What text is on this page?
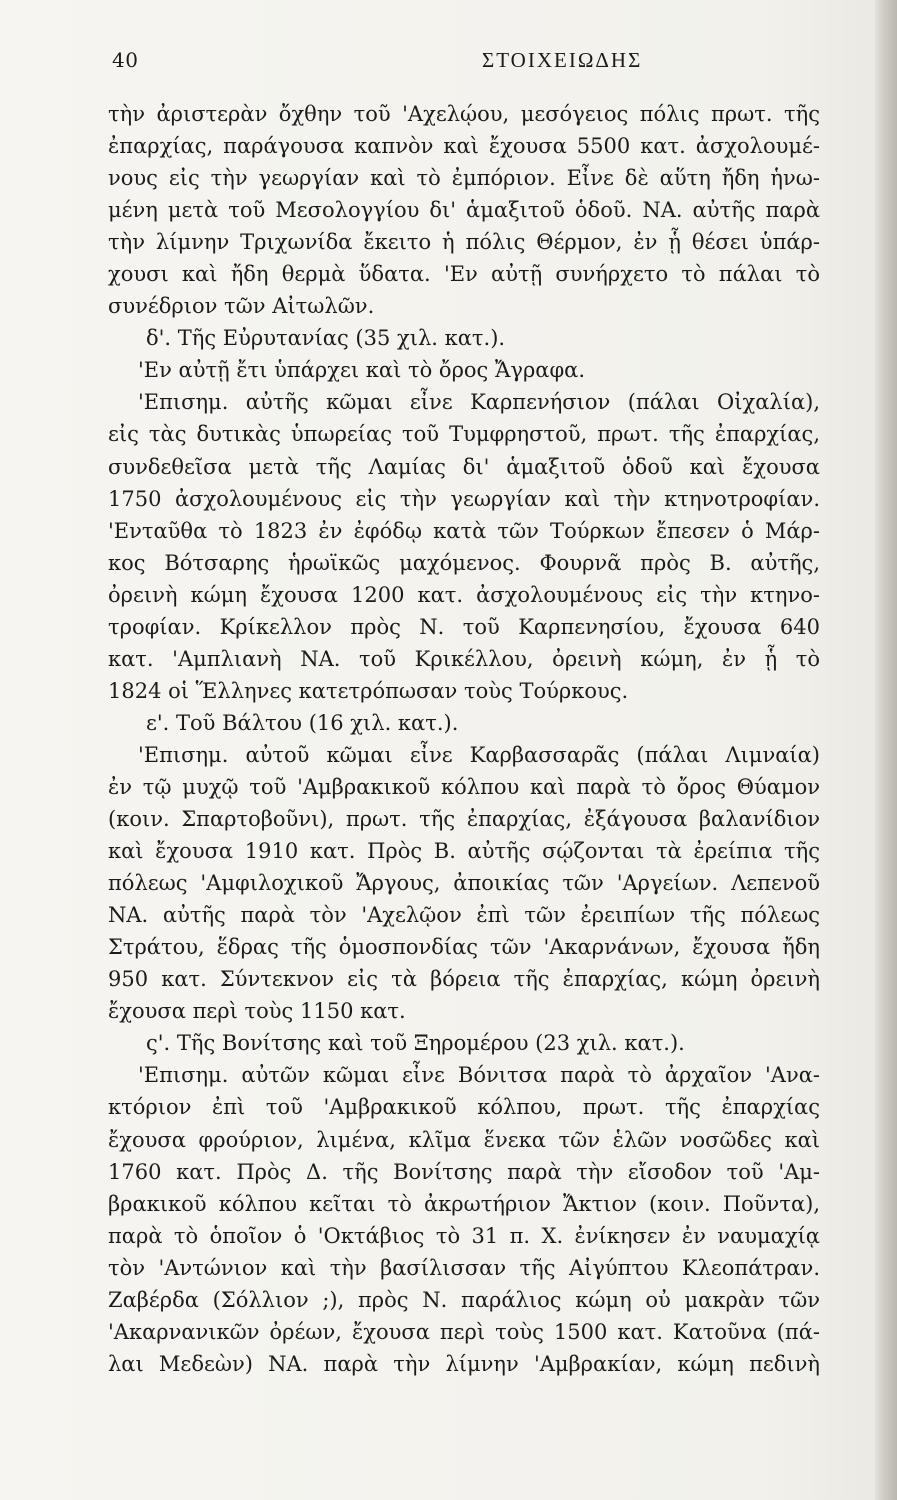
40	ΣΤΟΙΧΕΙΩΔΗΣ
τὴν ἀριστερὰν ὄχθην τοῦ 'Αχελῴου, μεσόγειος πόλις πρωτ. τῆς
ἐπαρχίας, παράγουσα καπνὸν καὶ ἔχουσα 5500 κατ. ἀσχολουμέ-
νους εἰς τὴν γεωργίαν καὶ τὸ ἐμπόριον. Εἶνε δὲ αὕτη ἤδη ἡνω-
μένη μετὰ τοῦ Μεσολογγίου δι' ἁμαξιτοῦ ὁδοῦ. ΝΑ. αὐτῆς παρὰ
τὴν λίμνην Τριχωνίδα ἔκειτο ἡ πόλις Θέρμον, ἐν ᾗ θέσει ὑπάρ-
χουσι καὶ ἤδη θερμὰ ὕδατα. 'Εν αὐτῇ συνήρχετο τὸ πάλαι τὸ
συνέδριον τῶν Αἰτωλῶν.
δ'. Τῆς Εὐρυτανίας (35 χιλ. κατ.).
'Εν αὐτῇ ἔτι ὑπάρχει καὶ τὸ ὄρος Ἄγραφα.
'Επισημ. αὐτῆς κῶμαι εἶνε Καρπενήσιον (πάλαι Οἰχαλία),
εἰς τὰς δυτικὰς ὑπωρείας τοῦ Τυμφρηστοῦ, πρωτ. τῆς ἐπαρχίας,
συνδεθεῖσα μετὰ τῆς Λαμίας δι' ἁμαξιτοῦ ὁδοῦ καὶ ἔχουσα
1750 ἀσχολουμένους εἰς τὴν γεωργίαν καὶ τὴν κτηνοτροφίαν.
'Ενταῦθα τὸ 1823 ἐν ἐφόδῳ κατὰ τῶν Τούρκων ἔπεσεν ὁ Μάρ-
κος Βότσαρης ἡρωϊκῶς μαχόμενος. Φουρνᾶ πρὸς Β. αὐτῆς,
ὀρεινὴ κώμη ἔχουσα 1200 κατ. ἀσχολουμένους εἰς τὴν κτηνο-
τροφίαν. Κρίκελλον πρὸς Ν. τοῦ Καρπενησίου, ἔχουσα 640
κατ. 'Αμπλιανὴ ΝΑ. τοῦ Κρικέλλου, ὀρεινὴ κώμη, ἐν ᾗ τὸ
1824 οἱ Ἕλληνες κατετρόπωσαν τοὺς Τούρκους.
ε'. Τοῦ Βάλτου (16 χιλ. κατ.).
'Επισημ. αὐτοῦ κῶμαι εἶνε Καρβασσαρᾶς (πάλαι Λιμναία)
ἐν τῷ μυχῷ τοῦ 'Αμβρακικοῦ κόλπου καὶ παρὰ τὸ ὄρος Θύαμον
(κοιν. Σπαρτοβοῦνι), πρωτ. τῆς ἐπαρχίας, ἐξάγουσα βαλανίδιον
καὶ ἔχουσα 1910 κατ. Πρὸς Β. αὐτῆς σῴζονται τὰ ἐρείπια τῆς
πόλεως 'Αμφιλοχικοῦ Ἄργους, ἀποικίας τῶν 'Αργείων. Λεπενοῦ
ΝΑ. αὐτῆς παρὰ τὸν 'Αχελῷον ἐπὶ τῶν ἐρειπίων τῆς πόλεως
Στράτου, ἕδρας τῆς ὁμοσπονδίας τῶν 'Ακαρνάνων, ἔχουσα ἤδη
950 κατ. Σύντεκνον εἰς τὰ βόρεια τῆς ἐπαρχίας, κώμη ὀρεινὴ
ἔχουσα περὶ τοὺς 1150 κατ.
ς'. Τῆς Βονίτσης καὶ τοῦ Ξηρομέρου (23 χιλ. κατ.).
'Επισημ. αὐτῶν κῶμαι εἶνε Βόνιτσα παρὰ τὸ ἀρχαῖον 'Ανα-
κτόριον ἐπὶ τοῦ 'Αμβρακικοῦ κόλπου, πρωτ. τῆς ἐπαρχίας
ἔχουσα φρούριον, λιμένα, κλῖμα ἕνεκα τῶν ἑλῶν νοσῶδες καὶ
1760 κατ. Πρὸς Δ. τῆς Βονίτσης παρὰ τὴν εἴσοδον τοῦ 'Αμ-
βρακικοῦ κόλπου κεῖται τὸ ἀκρωτήριον Ἄκτιον (κοιν. Ποῦντα),
παρὰ τὸ ὁποῖον ὁ 'Οκτάβιος τὸ 31 π. Χ. ἐνίκησεν ἐν ναυμαχίᾳ
τὸν 'Αντώνιον καὶ τὴν βασίλισσαν τῆς Αἰγύπτου Κλεοπάτραν.
Ζαβέρδα (Σόλλιον ;), πρὸς Ν. παράλιος κώμη οὐ μακρὰν τῶν
'Ακαρνανικῶν ὀρέων, ἔχουσα περὶ τοὺς 1500 κατ. Κατοῦνα (πά-
λαι Μεδεὼν) ΝΑ. παρὰ τὴν λίμνην 'Αμβρακίαν, κώμη πεδινὴ
